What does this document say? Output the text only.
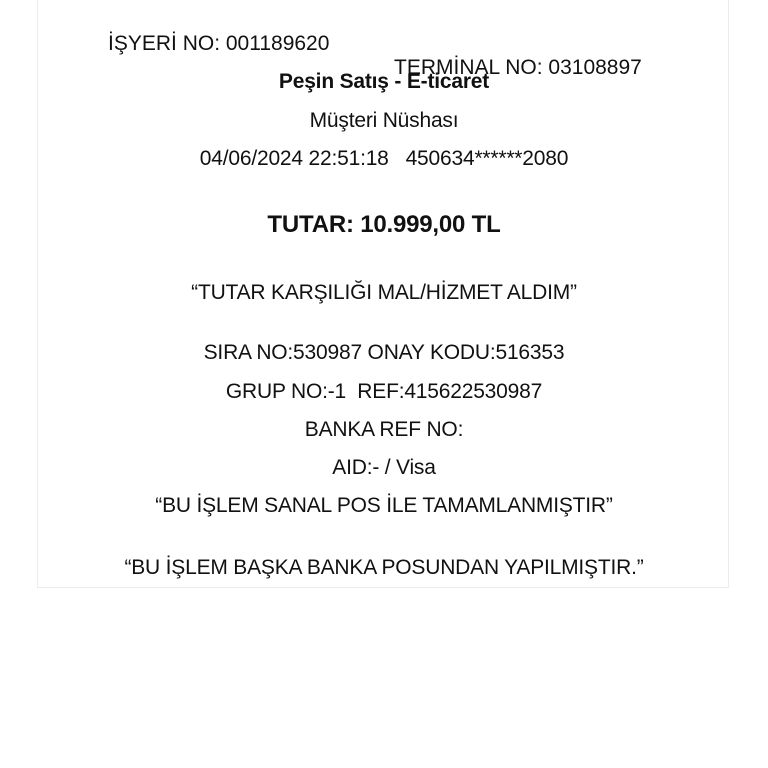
İŞYERİ NO: 001189620

TERMİNAL NO: 03108897

Peşin Satış - E-ticaret
Müşteri Nüshası
04/06/2024 22:51:18   450634******2080
TUTAR: 10.999,00 TL
“TUTAR KARŞILIĞI MAL/HİZMET ALDIM”
SIRA NO:530987 ONAY KODU:516353
GRUP NO:-1  REF:415622530987
BANKA REF NO:
AID:- / Visa
“BU İŞLEM SANAL POS İLE TAMAMLANMIŞTIR”
“BU İŞLEM BAŞKA BANKA POSUNDAN YAPILMIŞTIR.”
